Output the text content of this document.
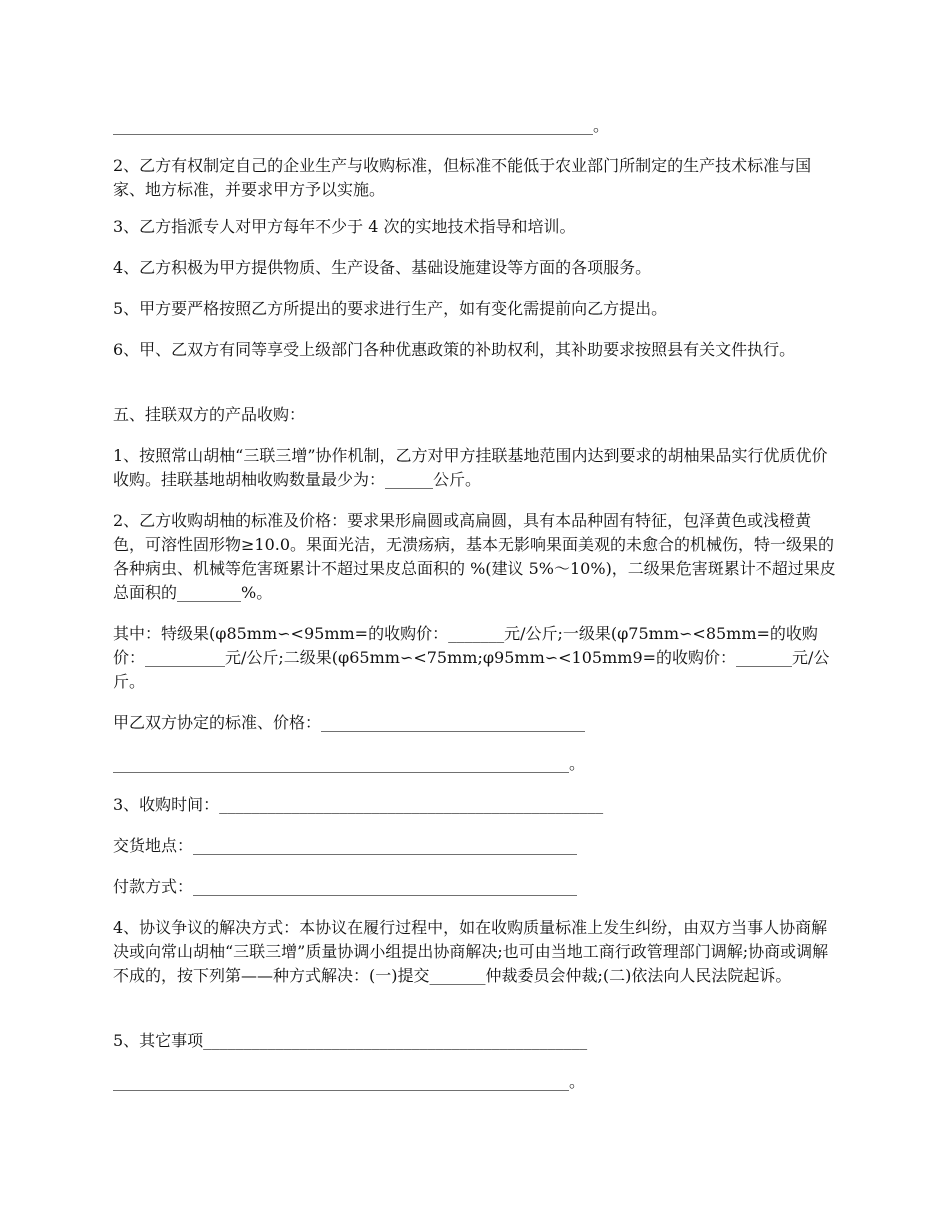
____________________________________________________________。

2、乙方有权制定自己的企业生产与收购标准，但标准不能低于农业部门所制定的生产技术标准与国家、地方标准，并要求甲方予以实施。

3、乙方指派专人对甲方每年不少于 4 次的实地技术指导和培训。

4、乙方积极为甲方提供物质、生产设备、基础设施建设等方面的各项服务。

5、甲方要严格按照乙方所提出的要求进行生产，如有变化需提前向乙方提出。

6、甲、乙双方有同等享受上级部门各种优惠政策的补助权利，其补助要求按照县有关文件执行。

五、挂联双方的产品收购：

1、按照常山胡柚“三联三增”协作机制，乙方对甲方挂联基地范围内达到要求的胡柚果品实行优质优价收购。挂联基地胡柚收购数量最少为：______公斤。

2、乙方收购胡柚的标准及价格：要求果形扁圆或高扁圆，具有本品种固有特征，包泽黄色或浅橙黄色，可溶性固形物≥10.0。果面光洁，无溃疡病，基本无影响果面美观的未愈合的机械伤，特一级果的各种病虫、机械等危害斑累计不超过果皮总面积的 %(建议 5%～10%)，二级果危害斑累计不超过果皮总面积的________%。

其中：特级果(φ85mm∽<95mm=的收购价：_______元/公斤;一级果(φ75mm∽<85mm=的收购价：__________元/公斤;二级果(φ65mm∽<75mm;φ95mm∽<105mm9=的收购价：_______元/公斤。

甲乙双方协定的标准、价格：_________________________________

_________________________________________________________。

3、收购时间：________________________________________________

交货地点：________________________________________________

付款方式：________________________________________________

4、协议争议的解决方式：本协议在履行过程中，如在收购质量标准上发生纠纷，由双方当事人协商解决或向常山胡柚“三联三增”质量协调小组提出协商解决;也可由当地工商行政管理部门调解;协商或调解不成的，按下列第——种方式解决：(一)提交_______仲裁委员会仲裁;(二)依法向人民法院起诉。

5、其它事项________________________________________________

_________________________________________________________。
